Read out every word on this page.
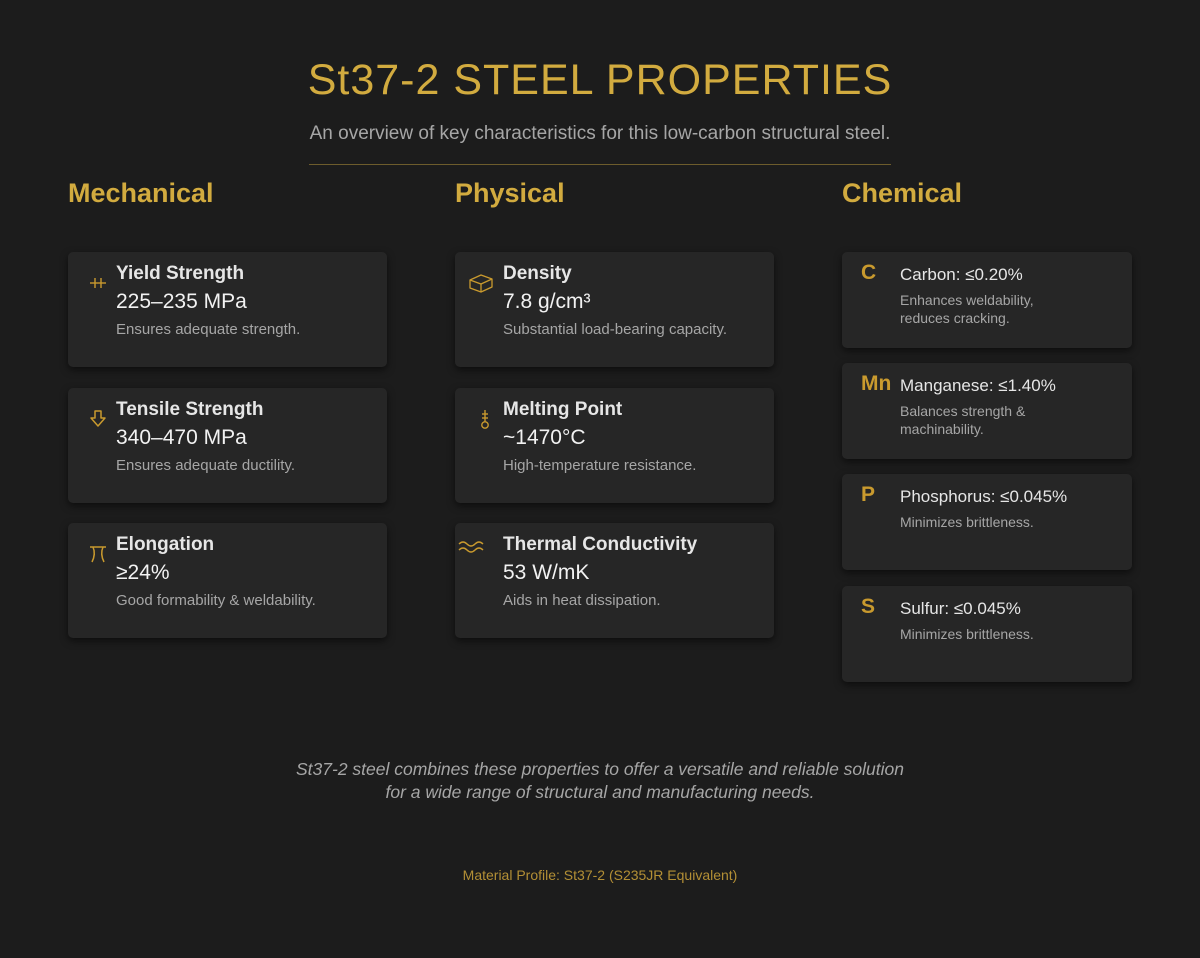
St37-2 STEEL PROPERTIES
An overview of key characteristics for this low-carbon structural steel.
Mechanical	Physical	Chemical
Yield Strength
225–235 MPa
Ensures adequate strength.
Tensile Strength
340–470 MPa
Ensures adequate ductility.
Elongation
≥24%
Good formability & weldability.
Density
7.8 g/cm³
Substantial load-bearing capacity.
Melting Point
~1470°C
High-temperature resistance.
Thermal Conductivity
53 W/mK
Aids in heat dissipation.
C Carbon: ≤0.20%
Enhances weldability, reduces cracking.
Mn Manganese: ≤1.40%
Balances strength & machinability.
P Phosphorus: ≤0.045%
Minimizes brittleness.
S Sulfur: ≤0.045%
Minimizes brittleness.
St37-2 steel combines these properties to offer a versatile and reliable solution
for a wide range of structural and manufacturing needs.
Material Profile: St37-2 (S235JR Equivalent)
